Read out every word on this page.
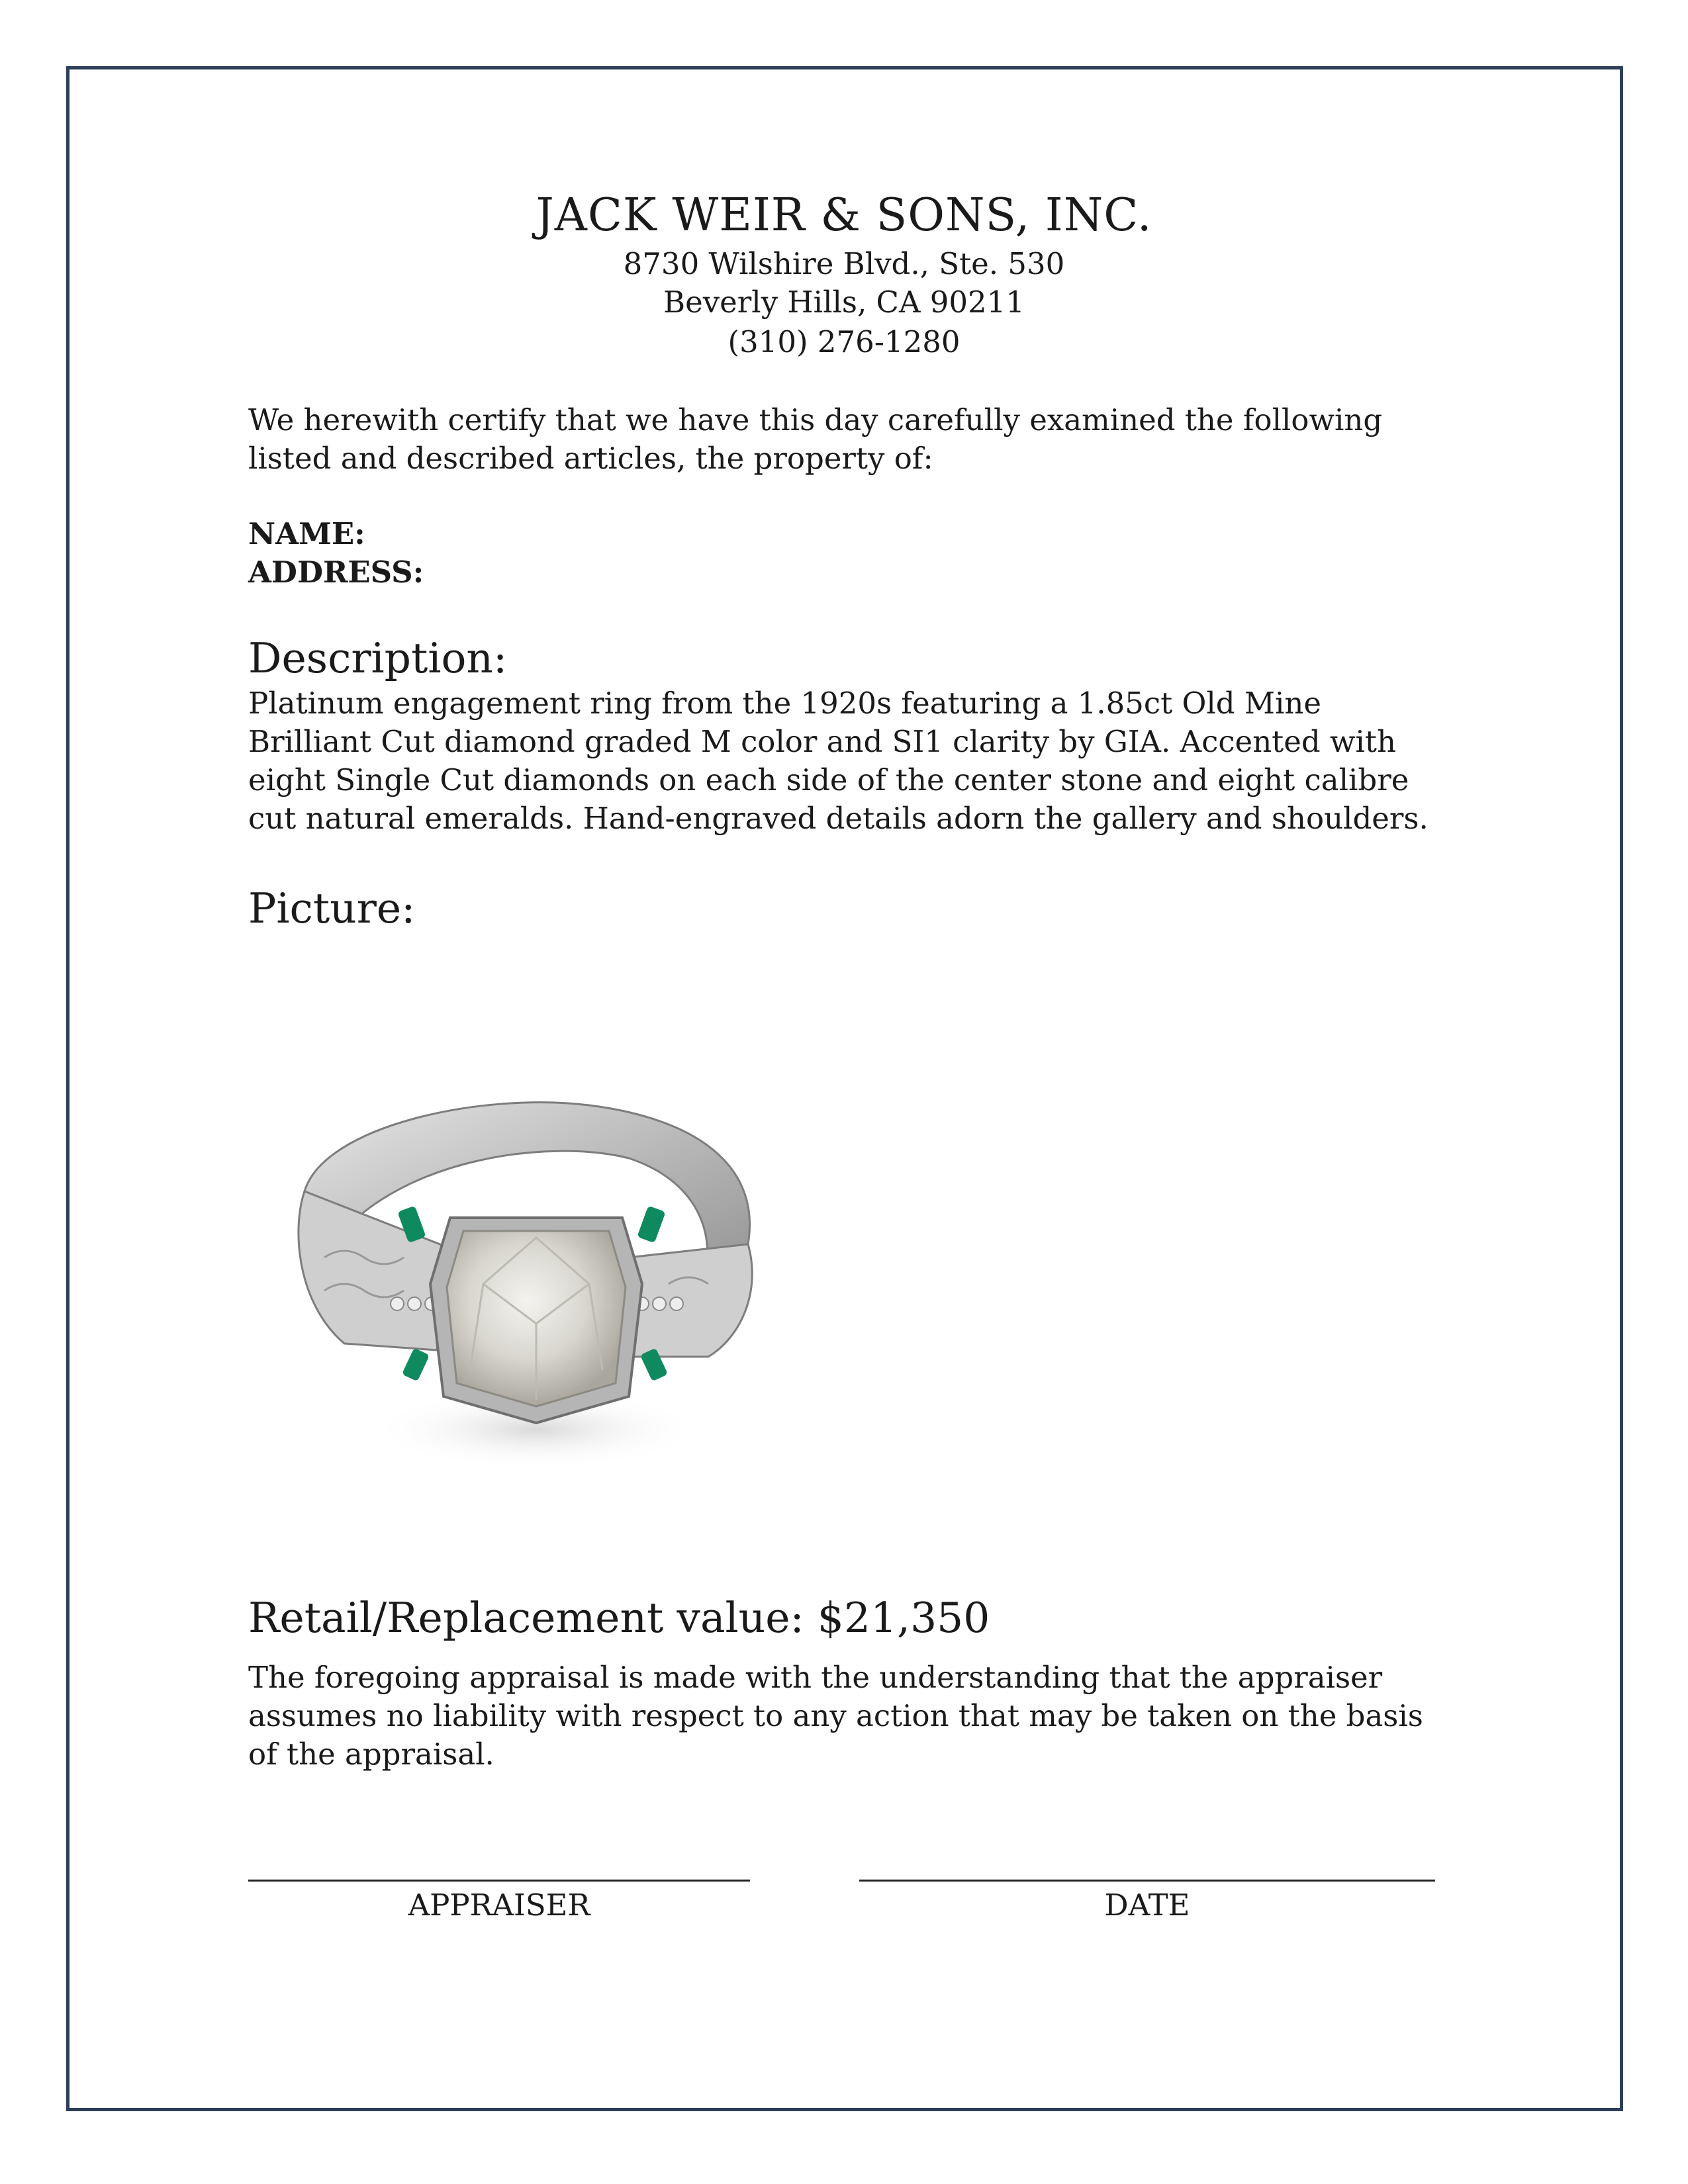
JACK WEIR & SONS, INC.
8730 Wilshire Blvd., Ste. 530
Beverly Hills, CA 90211
(310) 276-1280
We herewith certify that we have this day carefully examined the following listed and described articles, the property of:
NAME:
ADDRESS:
Description:
Platinum engagement ring from the 1920s featuring a 1.85ct Old Mine Brilliant Cut diamond graded M color and SI1 clarity by GIA. Accented with eight Single Cut diamonds on each side of the center stone and eight calibre cut natural emeralds. Hand-engraved details adorn the gallery and shoulders.
Picture:
Retail/Replacement value: $21,350
The foregoing appraisal is made with the understanding that the appraiser assumes no liability with respect to any action that may be taken on the basis of the appraisal.
APPRAISER	DATE
